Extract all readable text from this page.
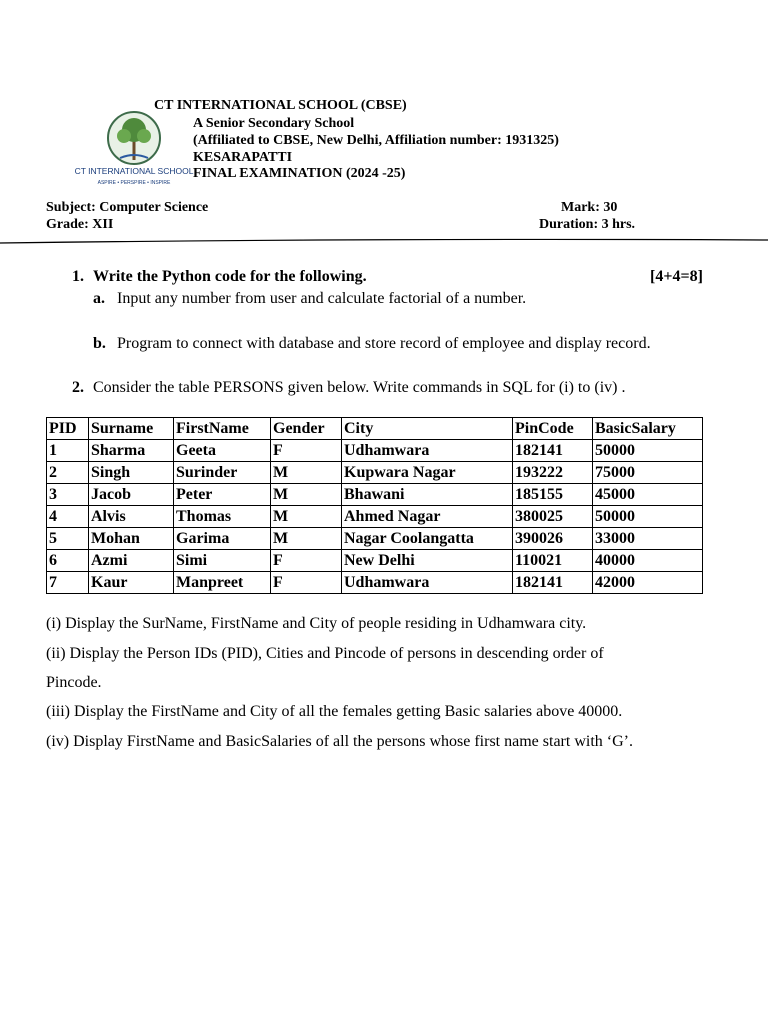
CT INTERNATIONAL SCHOOL
ASPIRE • PERSPIRE • INSPIRE
CT INTERNATIONAL SCHOOL (CBSE)
A Senior Secondary School
(Affiliated to CBSE, New Delhi, Affiliation number: 1931325)
KESARAPATTI
FINAL EXAMINATION (2024 -25)
Subject: Computer Science
Grade: XII
Mark: 30
Duration: 3 hrs.
1. Write the Python code for the following.	[4+4=8]
a. Input any number from user and calculate factorial of a number.
b. Program to connect with database and store record of employee and display record.
2. Consider the table PERSONS given below. Write commands in SQL for (i) to (iv) .
PID	Surname	FirstName	Gender	City	PinCode	BasicSalary
1	Sharma	Geeta	F	Udhamwara	182141	50000
2	Singh	Surinder	M	Kupwara Nagar	193222	75000
3	Jacob	Peter	M	Bhawani	185155	45000
4	Alvis	Thomas	M	Ahmed Nagar	380025	50000
5	Mohan	Garima	M	Nagar Coolangatta	390026	33000
6	Azmi	Simi	F	New Delhi	110021	40000
7	Kaur	Manpreet	F	Udhamwara	182141	42000
(i) Display the SurName, FirstName and City of people residing in Udhamwara city.
(ii) Display the Person IDs (PID), Cities and Pincode of persons in descending order of
Pincode.
(iii) Display the FirstName and City of all the females getting Basic salaries above 40000.
(iv) Display FirstName and BasicSalaries of all the persons whose first name start with ‘G’.
